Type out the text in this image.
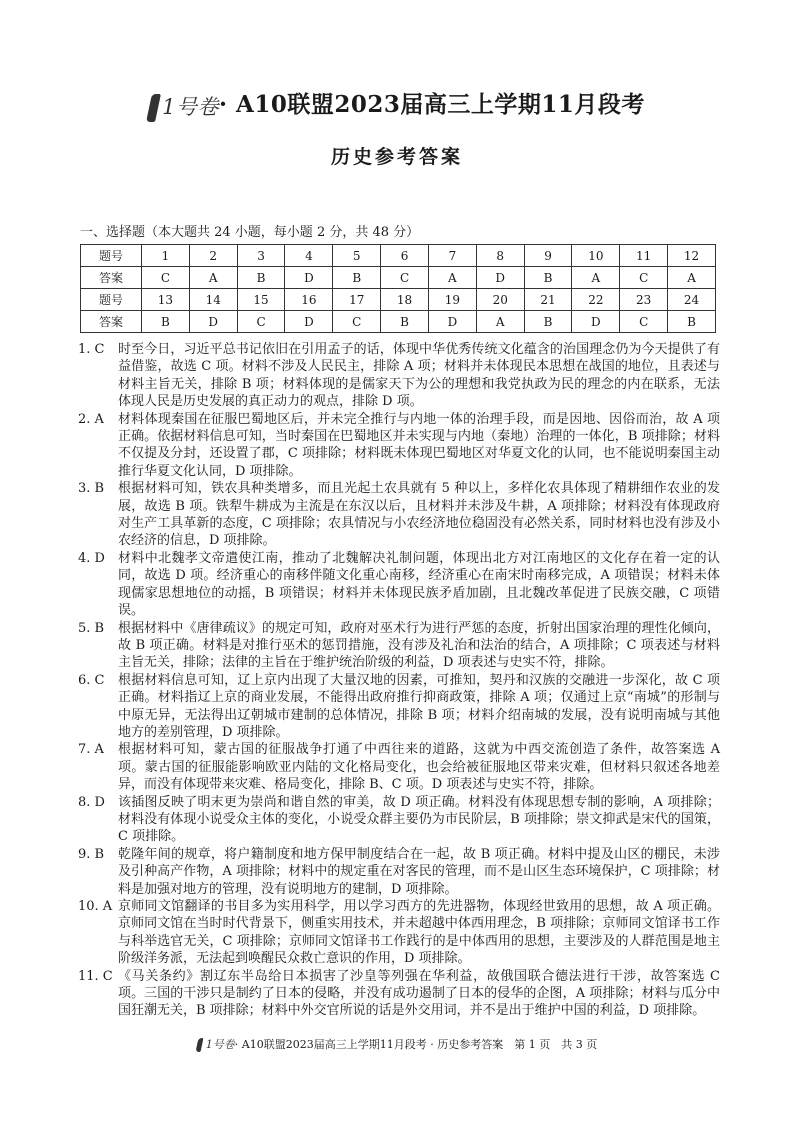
1号卷· A10联盟2023届高三上学期11月段考
历史参考答案
一、选择题（本大题共 24 小题，每小题 2 分，共 48 分）
题号	1	2	3	4	5	6	7	8	9	10	11	12
答案	C	A	B	D	B	C	A	D	B	A	C	A
题号	13	14	15	16	17	18	19	20	21	22	23	24
答案	B	D	C	D	C	B	D	A	B	D	C	B
1. C	时至今日，习近平总书记依旧在引用孟子的话，体现中华优秀传统文化蕴含的治国理念仍为今天提供了有益借鉴，故选 C 项。材料不涉及人民民主，排除 A 项；材料并未体现民本思想在战国的地位，且表述与材料主旨无关，排除 B 项；材料体现的是儒家天下为公的理想和我党执政为民的理念的内在联系，无法体现人民是历史发展的真正动力的观点，排除 D 项。
2. A	材料体现秦国在征服巴蜀地区后，并未完全推行与内地一体的治理手段，而是因地、因俗而治，故 A 项正确。依据材料信息可知，当时秦国在巴蜀地区并未实现与内地（秦地）治理的一体化，B 项排除；材料不仅提及分封，还设置了郡，C 项排除；材料既未体现巴蜀地区对华夏文化的认同，也不能说明秦国主动推行华夏文化认同，D 项排除。
3. B	根据材料可知，铁农具种类增多，而且光起土农具就有 5 种以上，多样化农具体现了精耕细作农业的发展，故选 B 项。铁犁牛耕成为主流是在东汉以后，且材料并未涉及牛耕，A 项排除；材料没有体现政府对生产工具革新的态度，C 项排除；农具情况与小农经济地位稳固没有必然关系，同时材料也没有涉及小农经济的信息，D 项排除。
4. D	材料中北魏孝文帝遣使江南，推动了北魏解决礼制问题，体现出北方对江南地区的文化存在着一定的认同，故选 D 项。经济重心的南移伴随文化重心南移，经济重心在南宋时南移完成，A 项错误；材料未体现儒家思想地位的动摇，B 项错误；材料并未体现民族矛盾加剧，且北魏改革促进了民族交融，C 项错误。
5. B	根据材料中《唐律疏议》的规定可知，政府对巫术行为进行严惩的态度，折射出国家治理的理性化倾向，故 B 项正确。材料是对推行巫术的惩罚措施，没有涉及礼治和法治的结合，A 项排除；C 项表述与材料主旨无关，排除；法律的主旨在于维护统治阶级的利益，D 项表述与史实不符，排除。
6. C	根据材料信息可知，辽上京内出现了大量汉地的因素，可推知，契丹和汉族的交融进一步深化，故 C 项正确。材料指辽上京的商业发展，不能得出政府推行抑商政策，排除 A 项；仅通过上京“南城”的形制与中原无异，无法得出辽朝城市建制的总体情况，排除 B 项；材料介绍南城的发展，没有说明南城与其他地方的差别管理，D 项排除。
7. A	根据材料可知，蒙古国的征服战争打通了中西往来的道路，这就为中西交流创造了条件，故答案选 A 项。蒙古国的征服能影响欧亚内陆的文化格局变化，也会给被征服地区带来灾难，但材料只叙述各地差异，而没有体现带来灾难、格局变化，排除 B、C 项。D 项表述与史实不符，排除。
8. D	该插图反映了明末更为崇尚和谐自然的审美，故 D 项正确。材料没有体现思想专制的影响，A 项排除；材料没有体现小说受众主体的变化，小说受众群主要仍为市民阶层，B 项排除；崇文抑武是宋代的国策，C 项排除。
9. B	乾隆年间的规章，将户籍制度和地方保甲制度结合在一起，故 B 项正确。材料中提及山区的棚民，未涉及引种高产作物，A 项排除；材料中的规定重在对客民的管理，而不是山区生态环境保护，C 项排除；材料是加强对地方的管理，没有说明地方的建制，D 项排除。
10. A 京师同文馆翻译的书目多为实用科学，用以学习西方的先进器物，体现经世致用的思想，故 A 项正确。京师同文馆在当时时代背景下，侧重实用技术，并未超越中体西用理念，B 项排除；京师同文馆译书工作与科举选官无关，C 项排除；京师同文馆译书工作践行的是中体西用的思想，主要涉及的人群范围是地主阶级洋务派，无法起到唤醒民众救亡意识的作用，D 项排除。
11. C 《马关条约》割辽东半岛给日本损害了沙皇等列强在华利益，故俄国联合德法进行干涉，故答案选 C 项。三国的干涉只是制约了日本的侵略，并没有成功遏制了日本的侵华的企图，A 项排除；材料与瓜分中国狂潮无关，B 项排除；材料中外交官所说的话是外交用词，并不是出于维护中国的利益，D 项排除。
1号卷· A10联盟2023届高三上学期11月段考 · 历史参考答案　第 1 页　共 3 页
